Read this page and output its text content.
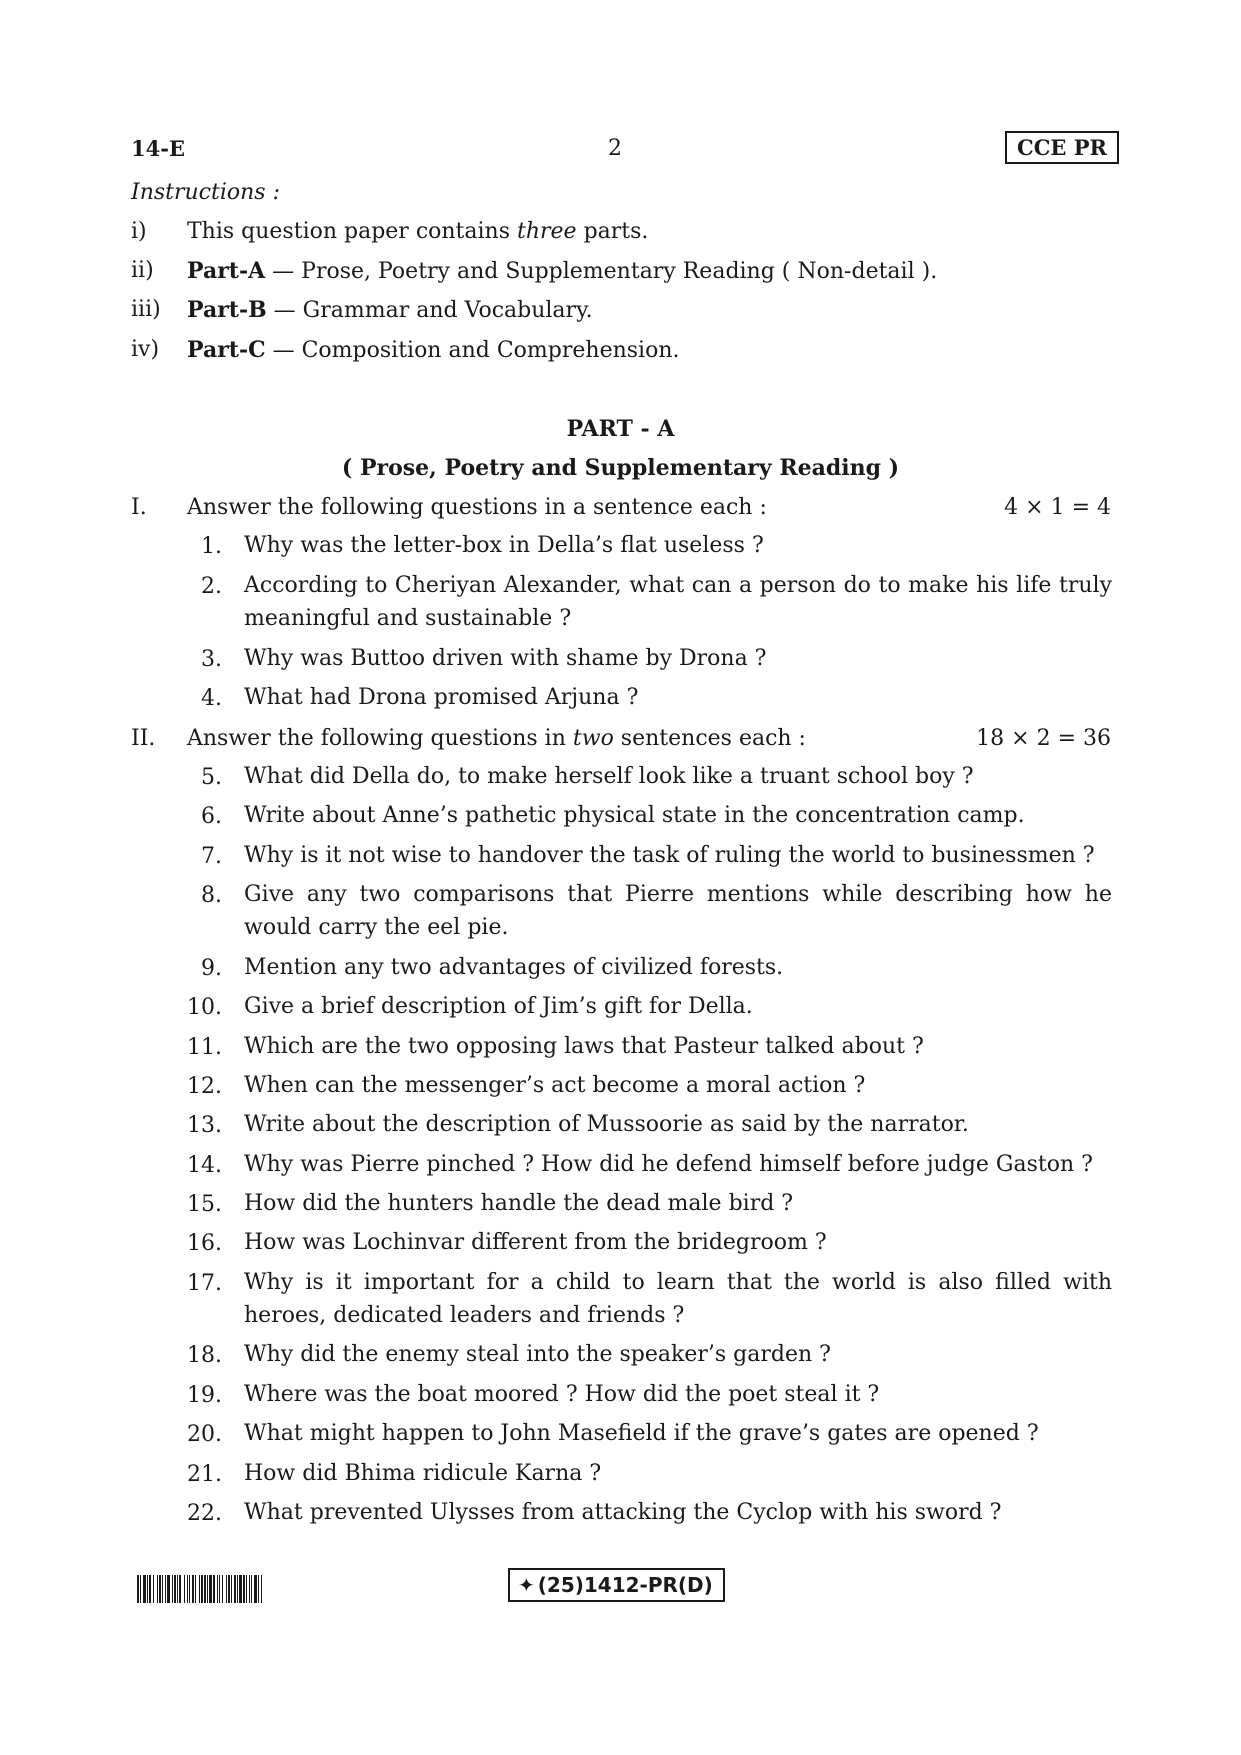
14-E	2	CCE PR
Instructions :
i) This question paper contains three parts.
ii) Part-A — Prose, Poetry and Supplementary Reading ( Non-detail ).
iii) Part-B — Grammar and Vocabulary.
iv) Part-C — Composition and Comprehension.
PART - A
( Prose, Poetry and Supplementary Reading )
I. Answer the following questions in a sentence each :	4 × 1 = 4
1. Why was the letter-box in Della’s flat useless ?
2. According to Cheriyan Alexander, what can a person do to make his life truly meaningful and sustainable ?
3. Why was Buttoo driven with shame by Drona ?
4. What had Drona promised Arjuna ?
II. Answer the following questions in two sentences each :	18 × 2 = 36
5. What did Della do, to make herself look like a truant school boy ?
6. Write about Anne’s pathetic physical state in the concentration camp.
7. Why is it not wise to handover the task of ruling the world to businessmen ?
8. Give any two comparisons that Pierre mentions while describing how he would carry the eel pie.
9. Mention any two advantages of civilized forests.
10. Give a brief description of Jim’s gift for Della.
11. Which are the two opposing laws that Pasteur talked about ?
12. When can the messenger’s act become a moral action ?
13. Write about the description of Mussoorie as said by the narrator.
14. Why was Pierre pinched ? How did he defend himself before judge Gaston ?
15. How did the hunters handle the dead male bird ?
16. How was Lochinvar different from the bridegroom ?
17. Why is it important for a child to learn that the world is also filled with heroes, dedicated leaders and friends ?
18. Why did the enemy steal into the speaker’s garden ?
19. Where was the boat moored ? How did the poet steal it ?
20. What might happen to John Masefield if the grave’s gates are opened ?
21. How did Bhima ridicule Karna ?
22. What prevented Ulysses from attacking the Cyclop with his sword ?
✦ (25)1412-PR(D)
